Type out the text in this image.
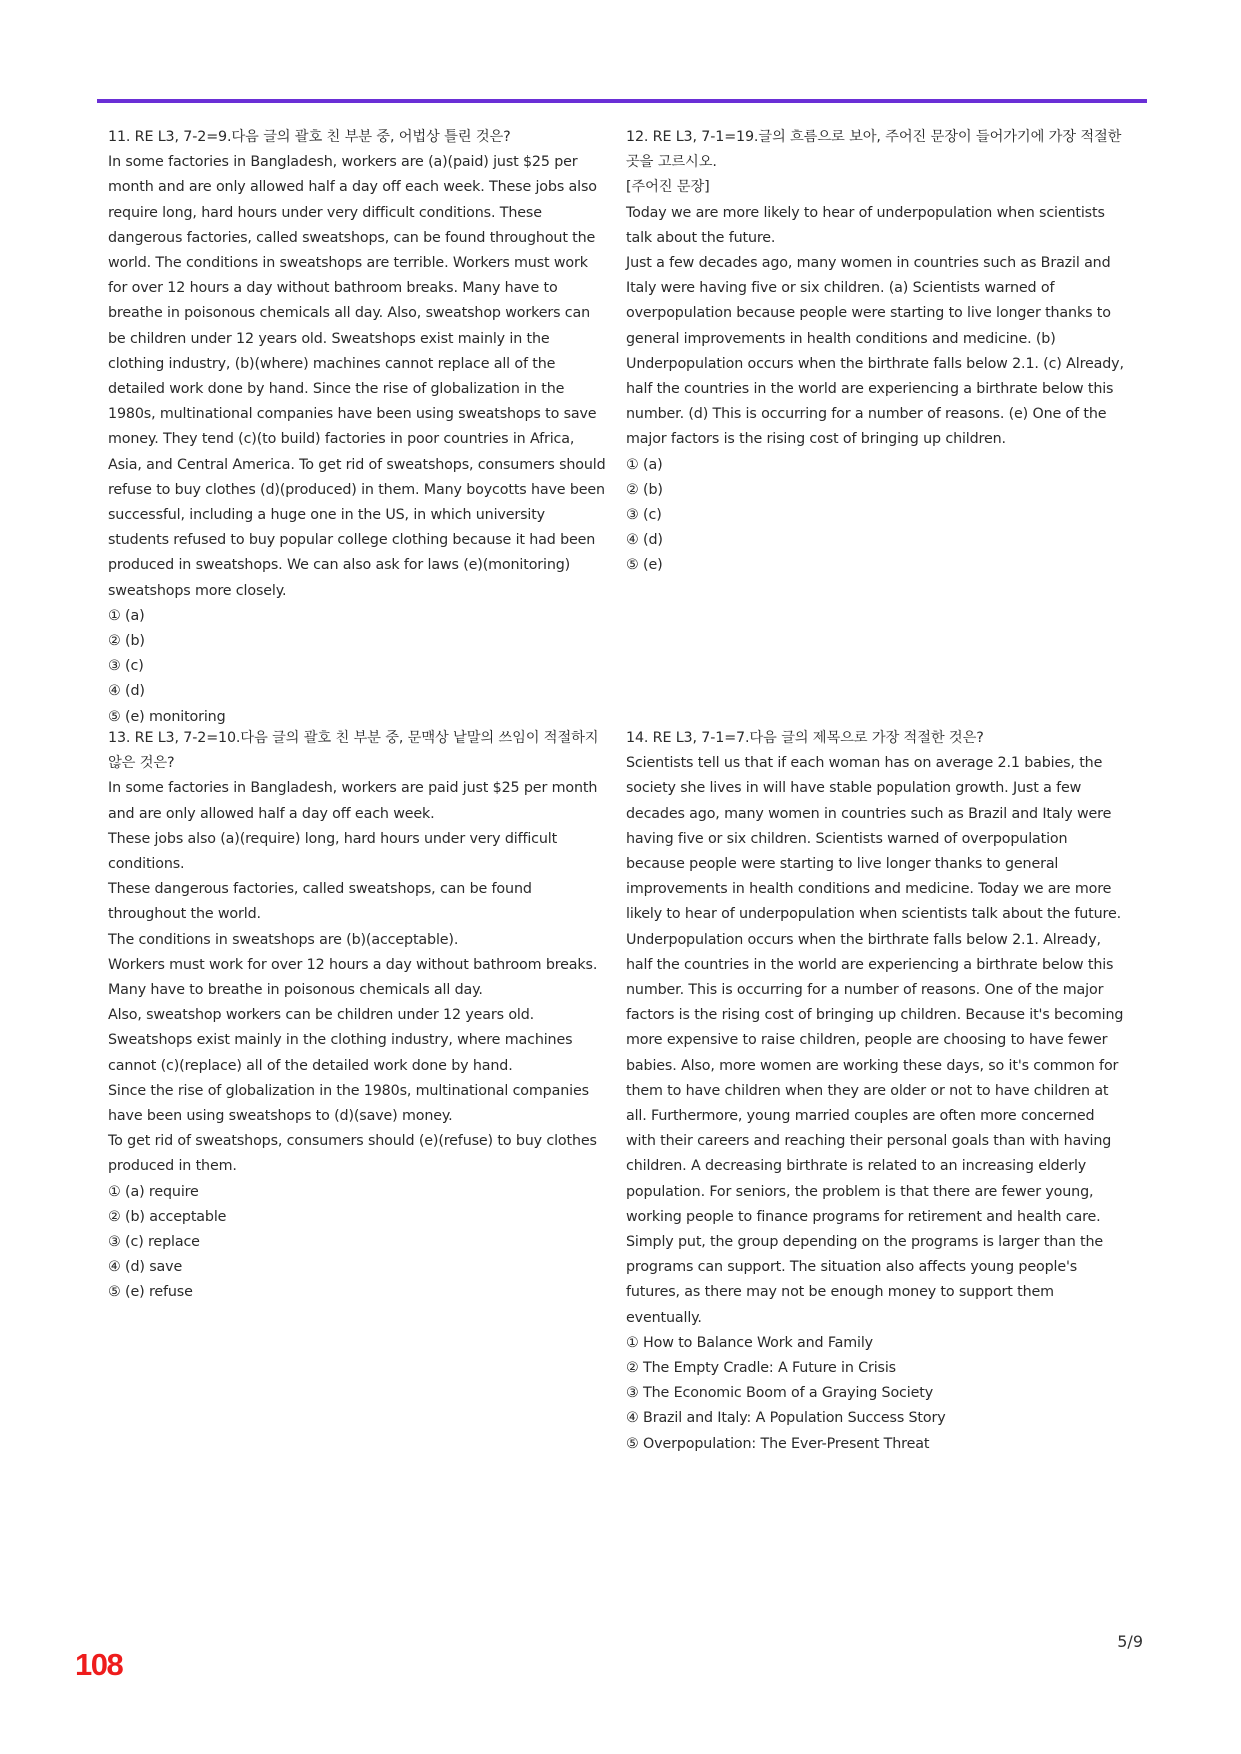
11. RE L3, 7-2=9.다음 글의 괄호 친 부분 중, 어법상 틀린 것은?

In some factories in Bangladesh, workers are (a)(paid) just $25 per month and are only allowed half a day off each week. These jobs also require long, hard hours under very difficult conditions. These dangerous factories, called sweatshops, can be found throughout the world. The conditions in sweatshops are terrible. Workers must work for over 12 hours a day without bathroom breaks. Many have to breathe in poisonous chemicals all day. Also, sweatshop workers can be children under 12 years old. Sweatshops exist mainly in the clothing industry, (b)(where) machines cannot replace all of the detailed work done by hand. Since the rise of globalization in the 1980s, multinational companies have been using sweatshops to save money. They tend (c)(to build) factories in poor countries in Africa, Asia, and Central America. To get rid of sweatshops, consumers should refuse to buy clothes (d)(produced) in them. Many boycotts have been successful, including a huge one in the US, in which university students refused to buy popular college clothing because it had been produced in sweatshops. We can also ask for laws (e)(monitoring) sweatshops more closely.

① (a)
② (b)
③ (c)
④ (d)
⑤ (e) monitoring

12. RE L3, 7-1=19.글의 흐름으로 보아, 주어진 문장이 들어가기에 가장 적절한 곳을 고르시오.

[주어진 문장]

Today we are more likely to hear of underpopulation when scientists talk about the future.

Just a few decades ago, many women in countries such as Brazil and Italy were having five or six children. (a) Scientists warned of overpopulation because people were starting to live longer thanks to general improvements in health conditions and medicine. (b) Underpopulation occurs when the birthrate falls below 2.1. (c) Already, half the countries in the world are experiencing a birthrate below this number. (d) This is occurring for a number of reasons. (e) One of the major factors is the rising cost of bringing up children.

① (a)
② (b)
③ (c)
④ (d)
⑤ (e)

13. RE L3, 7-2=10.다음 글의 괄호 친 부분 중, 문맥상 낱말의 쓰임이 적절하지 않은 것은?

In some factories in Bangladesh, workers are paid just $25 per month and are only allowed half a day off each week.

These jobs also (a)(require) long, hard hours under very difficult conditions.

These dangerous factories, called sweatshops, can be found throughout the world.

The conditions in sweatshops are (b)(acceptable).

Workers must work for over 12 hours a day without bathroom breaks.

Many have to breathe in poisonous chemicals all day.

Also, sweatshop workers can be children under 12 years old.

Sweatshops exist mainly in the clothing industry, where machines cannot (c)(replace) all of the detailed work done by hand.

Since the rise of globalization in the 1980s, multinational companies have been using sweatshops to (d)(save) money.

To get rid of sweatshops, consumers should (e)(refuse) to buy clothes produced in them.

① (a) require
② (b) acceptable
③ (c) replace
④ (d) save
⑤ (e) refuse

14. RE L3, 7-1=7.다음 글의 제목으로 가장 적절한 것은?

Scientists tell us that if each woman has on average 2.1 babies, the society she lives in will have stable population growth. Just a few decades ago, many women in countries such as Brazil and Italy were having five or six children. Scientists warned of overpopulation because people were starting to live longer thanks to general improvements in health conditions and medicine. Today we are more likely to hear of underpopulation when scientists talk about the future. Underpopulation occurs when the birthrate falls below 2.1. Already, half the countries in the world are experiencing a birthrate below this number. This is occurring for a number of reasons. One of the major factors is the rising cost of bringing up children. Because it's becoming more expensive to raise children, people are choosing to have fewer babies. Also, more women are working these days, so it's common for them to have children when they are older or not to have children at all. Furthermore, young married couples are often more concerned with their careers and reaching their personal goals than with having children. A decreasing birthrate is related to an increasing elderly population. For seniors, the problem is that there are fewer young, working people to finance programs for retirement and health care. Simply put, the group depending on the programs is larger than the programs can support. The situation also affects young people's futures, as there may not be enough money to support them eventually.

① How to Balance Work and Family
② The Empty Cradle: A Future in Crisis
③ The Economic Boom of a Graying Society
④ Brazil and Italy: A Population Success Story
⑤ Overpopulation: The Ever-Present Threat
5/9
108
